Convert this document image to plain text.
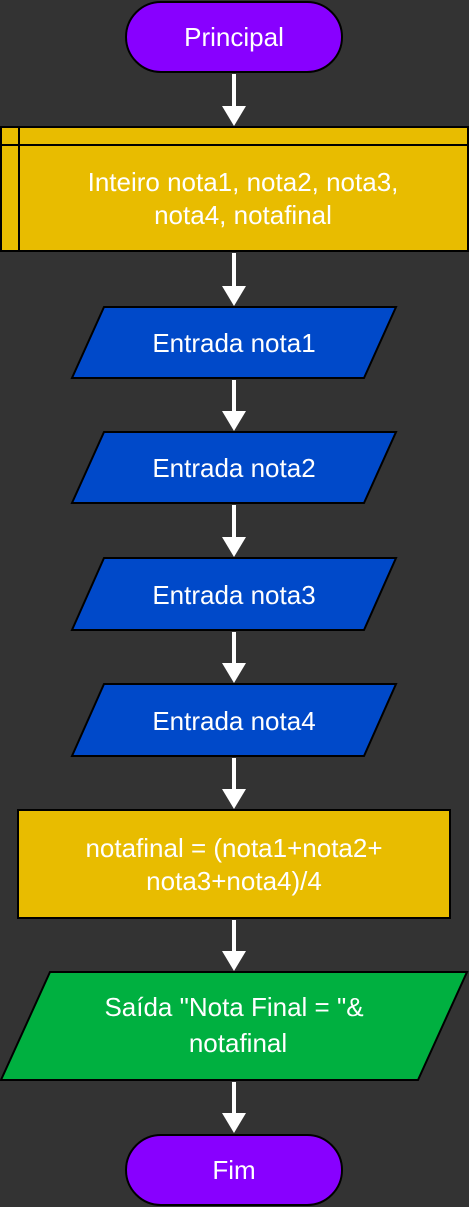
Principal
Inteiro nota1, nota2, nota3,
nota4, notafinal
Entrada nota1
Entrada nota2
Entrada nota3
Entrada nota4
notafinal = (nota1+nota2+
nota3+nota4)/4
Saída "Nota Final = "&
notafinal
Fim
